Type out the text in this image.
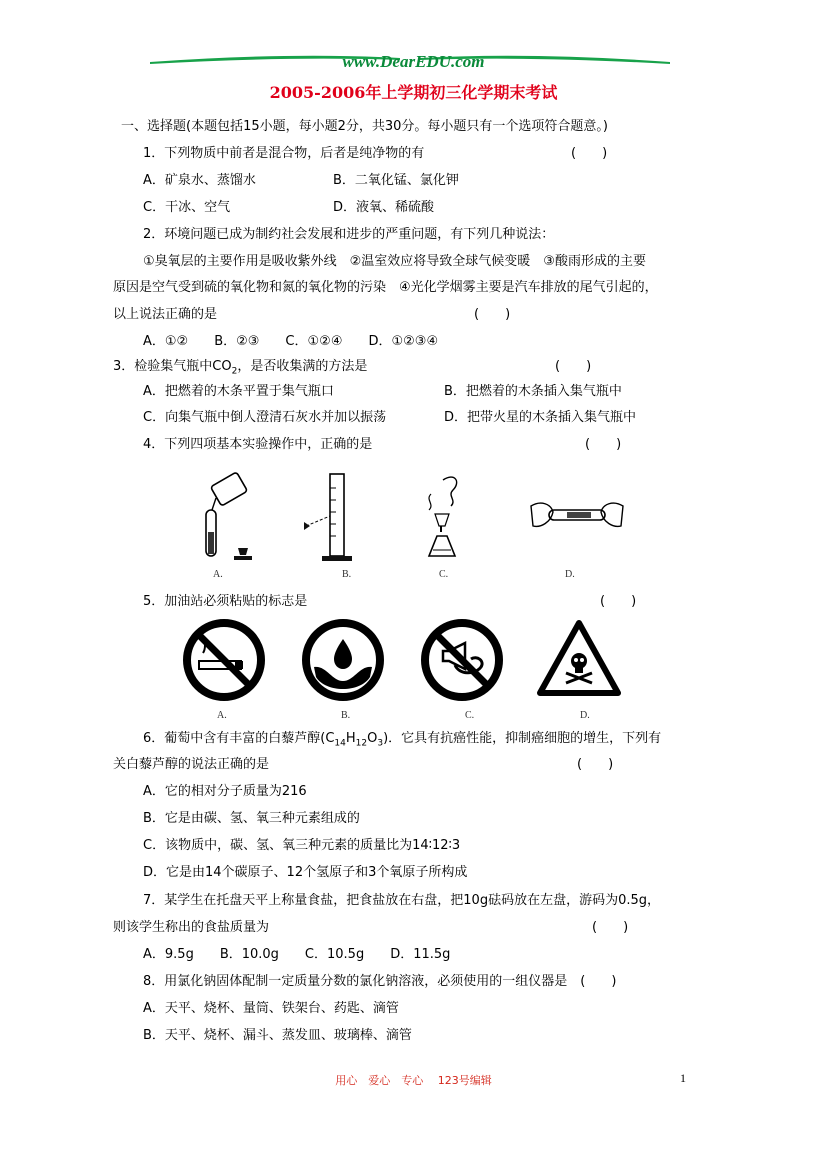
www.DearEDU.com
2005-2006年上学期初三化学期末考试
一、选择题(本题包括15小题，每小题2分，共30分。每小题只有一个选项符合题意。)
1．下列物质中前者是混合物，后者是纯净物的有	(　　)
A．矿泉水、蒸馏水	B．二氧化锰、氯化钾
C．干冰、空气	D．液氧、稀硫酸
2．环境问题已成为制约社会发展和进步的严重问题，有下列几种说法：
①臭氧层的主要作用是吸收紫外线　②温室效应将导致全球气候变暖　③酸雨形成的主要
原因是空气受到硫的氧化物和氮的氧化物的污染　④光化学烟雾主要是汽车排放的尾气引起的，
以上说法正确的是	(　　)
A．①②　　B．②③　　C．①②④　　D．①②③④
3．检验集气瓶中$CO_2$，是否收集满的方法是	(　　)
A．把燃着的木条平置于集气瓶口	B．把燃着的木条插入集气瓶中
C．向集气瓶中倒人澄清石灰水并加以振荡	D．把带火星的木条插入集气瓶中
4．下列四项基本实验操作中，正确的是	(　　)
A.	B.	C.	D.
5．加油站必须粘贴的标志是	(　　)
A.	B.	C.	D.
6．葡萄中含有丰富的白藜芦醇$(C_{14}H_{12}O_3)$．它具有抗癌性能，抑制癌细胞的增生，下列有
关白藜芦醇的说法正确的是	(　　)
A．它的相对分子质量为216
B．它是由碳、氢、氧三种元素组成的
C．该物质中，碳、氢、氧三种元素的质量比为14∶12∶3
D．它是由14个碳原子、12个氢原子和3个氧原子所构成
7．某学生在托盘天平上称量食盐，把食盐放在右盘，把10g砝码放在左盘，游码为0.5g，
则该学生称出的食盐质量为	(　　)
A．9.5g　　B．10.0g　　C．10.5g　　D．11.5g
8．用氯化钠固体配制一定质量分数的氯化钠溶液，必须使用的一组仪器是　(　　)
A．天平、烧杯、量筒、铁架台、药匙、滴管
B．天平、烧杯、漏斗、蒸发皿、玻璃棒、滴管
用心　爱心　专心　 123号编辑	1
